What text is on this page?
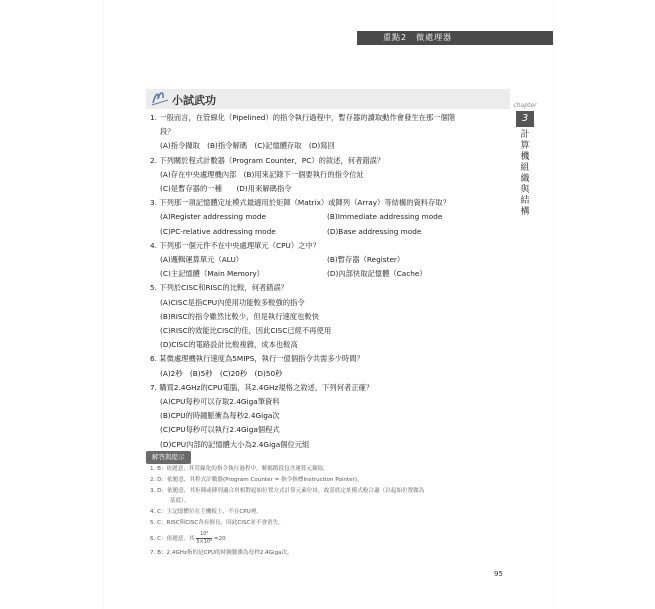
重點2　微處理器
chapter
3
計算機組織與結構
小試武功
1. 一般而言，在管線化（Pipelined）的指令執行過程中，暫存器的讀取動作會發生在那一個階
段？
(A)指令擷取　(B)指令解碼　(C)記憶體存取　(D)寫回
2. 下列關於程式計數器（Program Counter，PC）的敘述，何者錯誤？
(A)存在中央處理機內部　(B)用來記錄下一個要執行的指令位址
(C)是暫存器的一種　　(D)用來解碼指令
3. 下列那一項記憶體定址模式最適用於矩陣（Matrix）或陣列（Array）等結構的資料存取？
(A)Register addressing mode	(B)Immediate addressing mode
(C)PC-relative addressing mode	(D)Base addressing mode
4. 下列那一個元件不在中央處理單元（CPU）之中？
(A)邏輯運算單元（ALU）	(B)暫存器（Register）
(C)主記憶體（Main Memory）	(D)內部快取記憶體（Cache）
5. 下列於CISC和RISC的比較，何者錯誤？
(A)CISC是指CPU內使用功能較多較強的指令
(B)RISC的指令雖然比較少，但是執行速度也較快
(C)RISC的效能比CISC的佳，因此CISC已經不再使用
(D)CISC的電路設計比較複雜，成本也較高
6. 某微處理機執行速度為5MIPS，執行一億個指令共需多少時間？
(A)2秒　(B)5秒　(C)20秒　(D)50秒
7. 購買2.4GHz的CPU電腦，其2.4GHz規格之敘述，下列何者正確？
(A)CPU每秒可以存取2.4Giga筆資料
(B)CPU的時鐘脈衝為每秒2.4Giga次
(C)CPU每秒可以執行2.4Giga個程式
(D)CPU內部的記憶體大小為2.4Giga個位元組
解答與提示
1. B：依題意，其管線化的指令執行過程中，解碼階段包含運算元擷取。
2. D：依題意，其程式計數器(Program Counter = 指令指標Instruction Pointer)。
3. D：依題意，其矩陣或陣列適合用相對起始位置方式計算元素位址，故基底定址模式較合適（以起始位置做為
基底）。
4. C：主記憶體位在主機板上，不在CPU裡。
5. C：RISC與CISC各有擅長，因此CISC並不會消失。
6. C：依題意，其 $\frac{\text{10⁸}}{\text{5×10⁶}} =20$
7. B：2.4GHz指的是CPU的時鐘脈衝為每秒2.4Giga次。
95
